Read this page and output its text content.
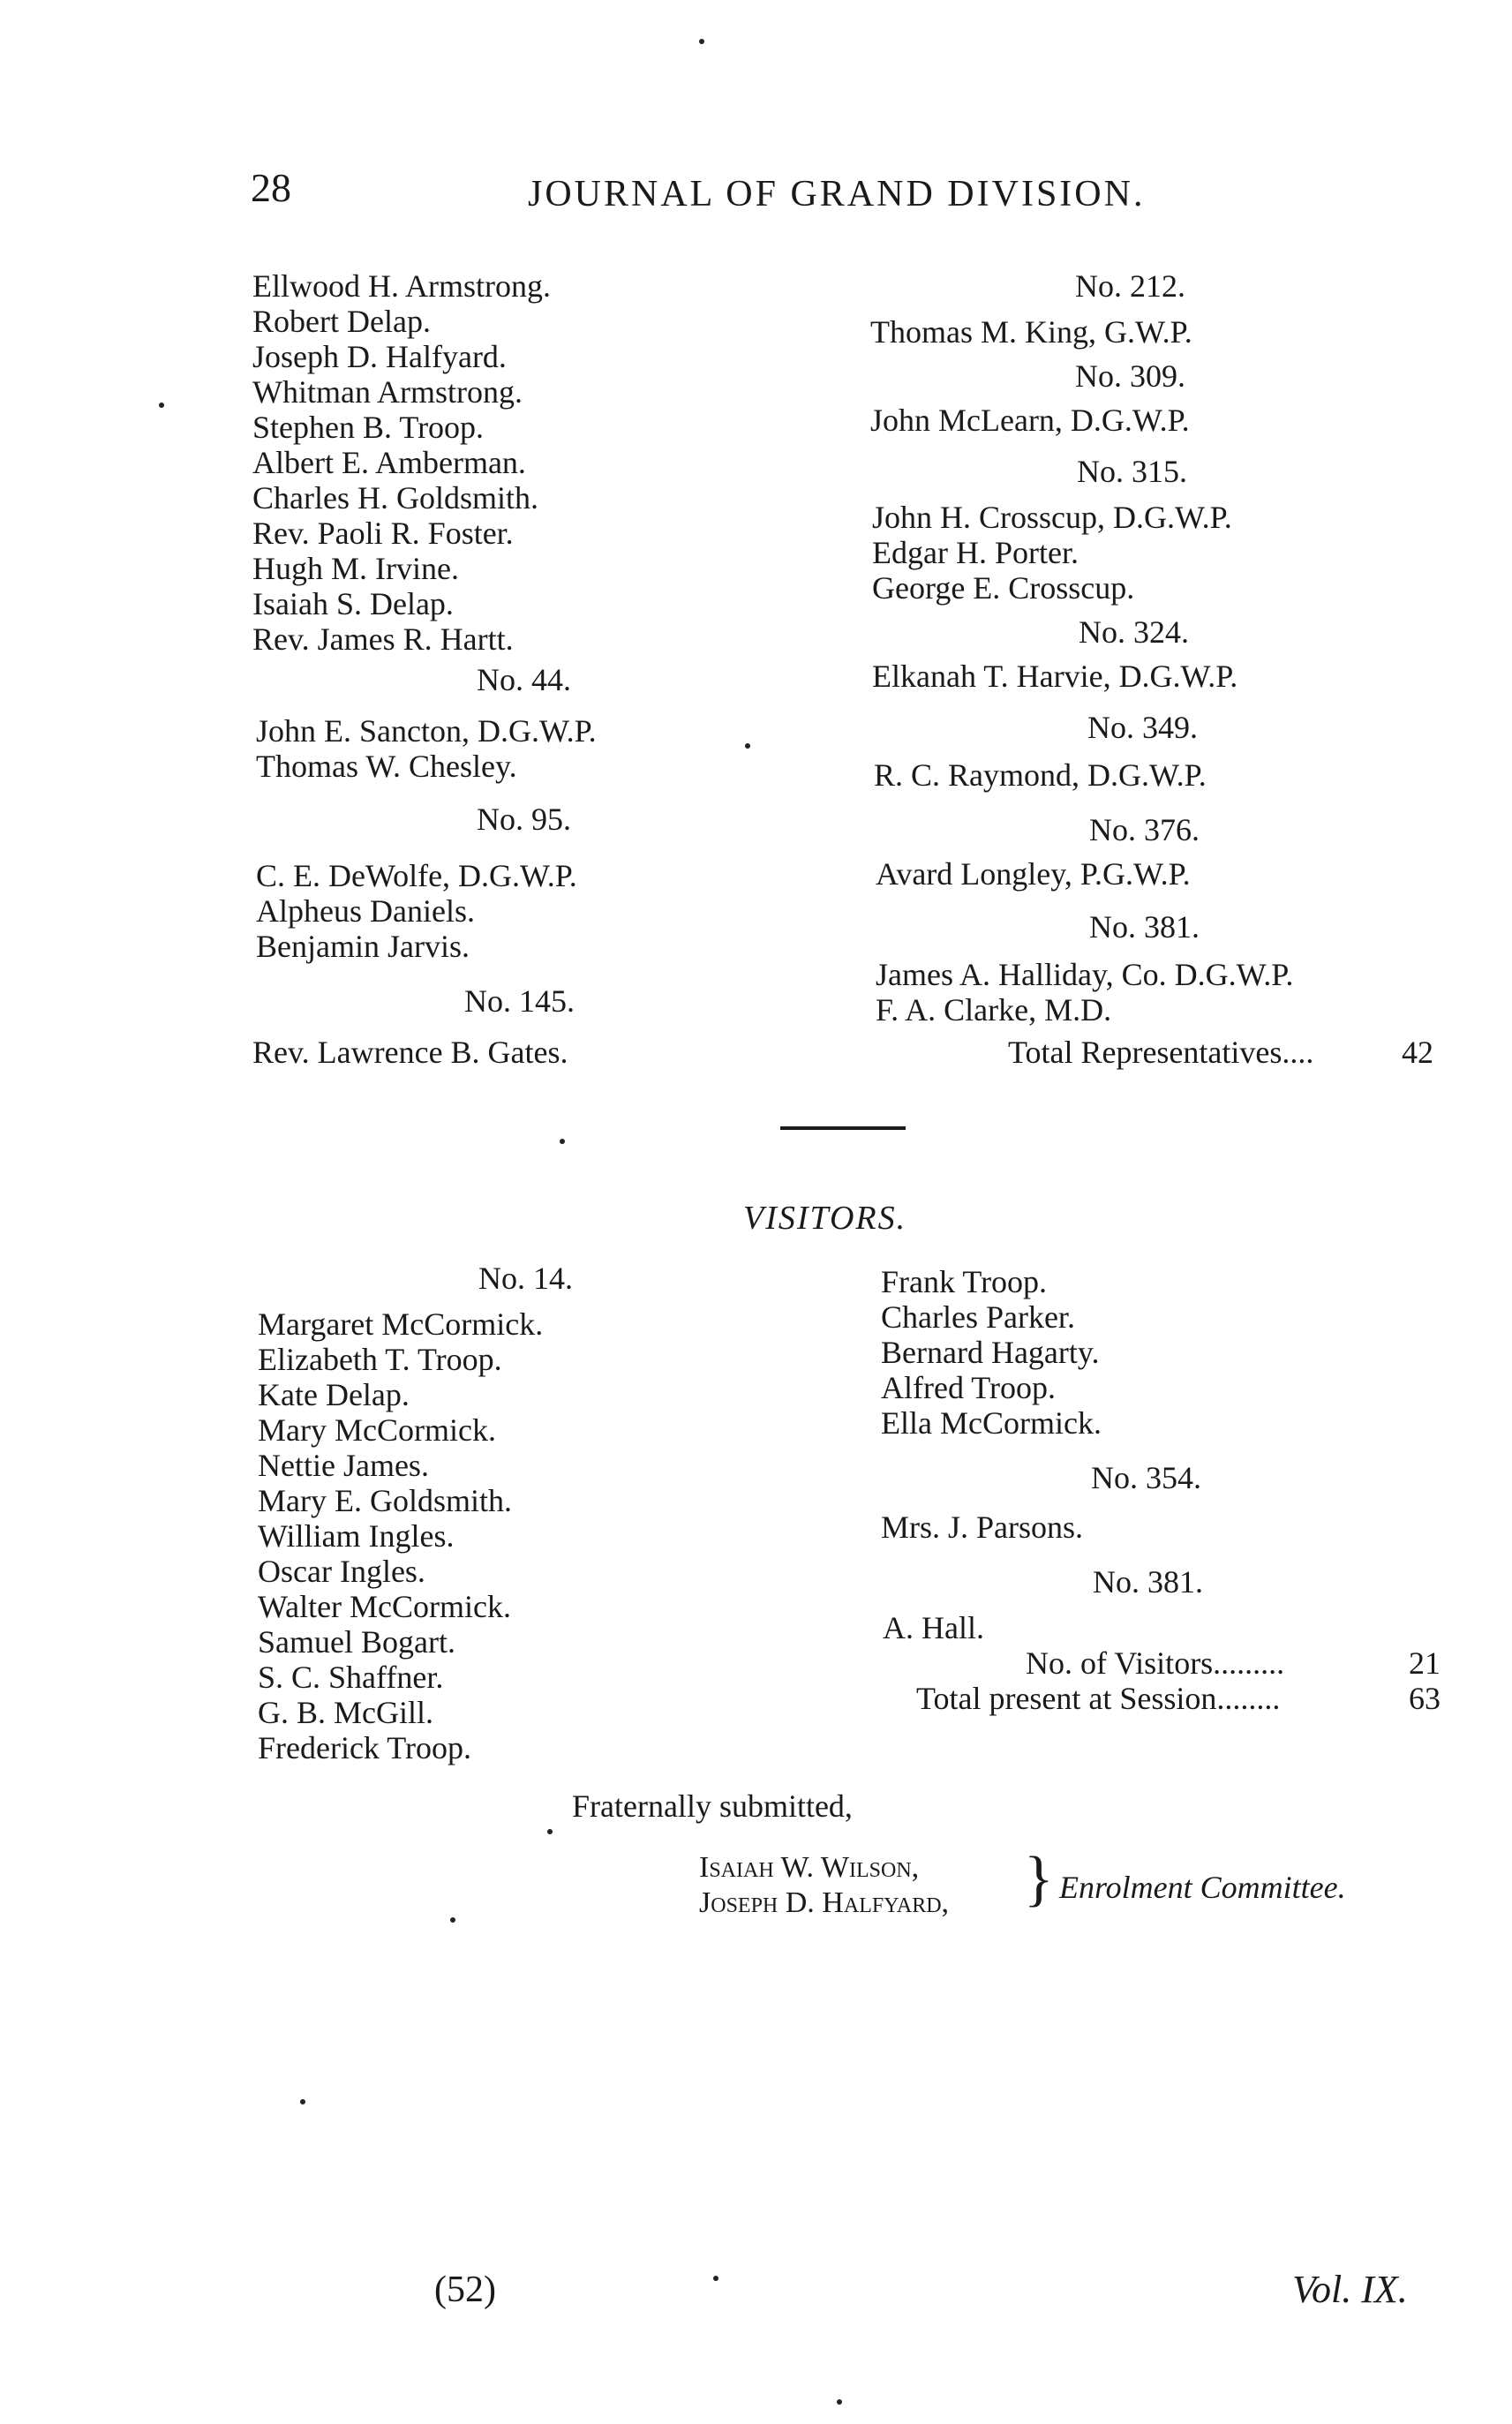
28	JOURNAL OF GRAND DIVISION.
Ellwood H. Armstrong.
Robert Delap.
Joseph D. Halfyard.
Whitman Armstrong.
Stephen B. Troop.
Albert E. Amberman.
Charles H. Goldsmith.
Rev. Paoli R. Foster.
Hugh M. Irvine.
Isaiah S. Delap.
Rev. James R. Hartt.
No. 44.
John E. Sancton, D.G.W.P.
Thomas W. Chesley.
No. 95.
C. E. DeWolfe, D.G.W.P.
Alpheus Daniels.
Benjamin Jarvis.
No. 145.
Rev. Lawrence B. Gates.
No. 212.
Thomas M. King, G.W.P.
No. 309.
John McLearn, D.G.W.P.
No. 315.
John H. Crosscup, D.G.W.P.
Edgar H. Porter.
George E. Crosscup.
No. 324.
Elkanah T. Harvie, D.G.W.P.
No. 349.
R. C. Raymond, D.G.W.P.
No. 376.
Avard Longley, P.G.W.P.
No. 381.
James A. Halliday, Co. D.G.W.P.
F. A. Clarke, M.D.
Total Representatives....	42
VISITORS.
No. 14.
Margaret McCormick.
Elizabeth T. Troop.
Kate Delap.
Mary McCormick.
Nettie James.
Mary E. Goldsmith.
William Ingles.
Oscar Ingles.
Walter McCormick.
Samuel Bogart.
S. C. Shaffner.
G. B. McGill.
Frederick Troop.
Frank Troop.
Charles Parker.
Bernard Hagarty.
Alfred Troop.
Ella McCormick.
No. 354.
Mrs. J. Parsons.
No. 381.
A. Hall.
No. of Visitors.........	21
Total present at Session........	63
Fraternally submitted,
Isaiah W. Wilson,
Joseph D. Halfyard, } Enrolment Committee.
(52)	Vol. IX.
